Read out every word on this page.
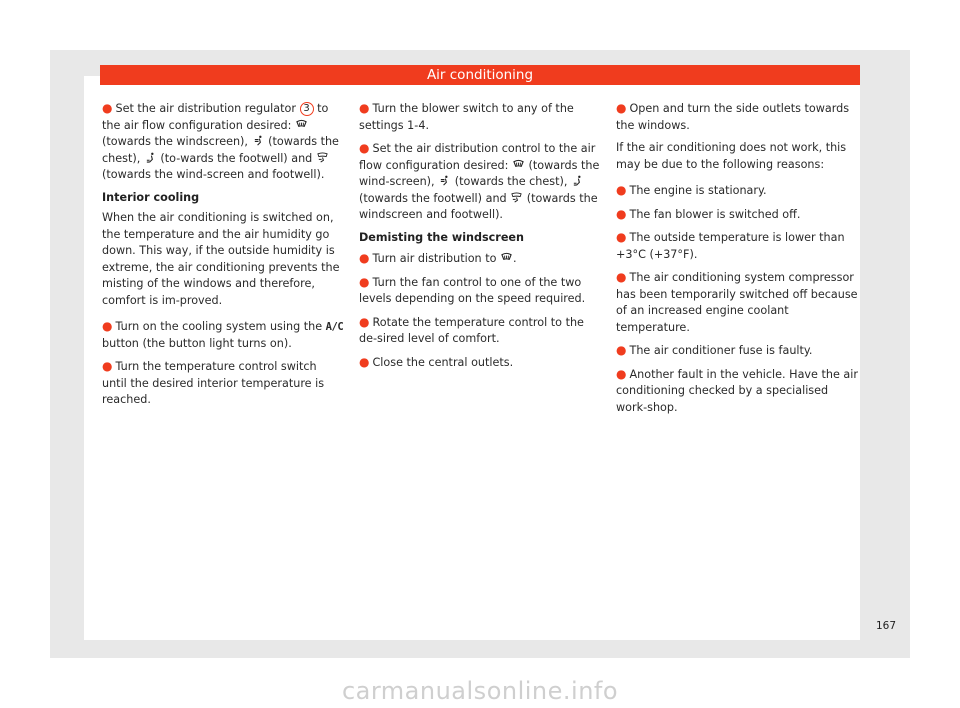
Air conditioning
● Set the air distribution regulator 3 to the air flow configuration desired:
(towards the windscreen), (towards the chest), (to-wards the footwell) and
(towards the wind-screen and footwell).
Interior cooling
When the air conditioning is switched on, the temperature and the air humidity go down. This way, if the outside humidity is extreme, the air conditioning prevents the misting of the windows and therefore, comfort is im-proved.
● Turn on the cooling system using the A/C button (the button light turns on).
● Turn the temperature control switch until the desired interior temperature is reached.
● Turn the blower switch to any of the settings 1-4.
● Set the air distribution control to the air flow configuration desired: (towards the wind-screen), (towards the chest),
(towards the footwell) and (towards the windscreen and footwell).
Demisting the windscreen
● Turn air distribution to .
● Turn the fan control to one of the two levels depending on the speed required.
● Rotate the temperature control to the de-sired level of comfort.
● Close the central outlets.
● Open and turn the side outlets towards the windows.
If the air conditioning does not work, this may be due to the following reasons:
● The engine is stationary.
● The fan blower is switched off.
● The outside temperature is lower than +3°C (+37°F).
● The air conditioning system compressor has been temporarily switched off because of an increased engine coolant temperature.
● The air conditioner fuse is faulty.
● Another fault in the vehicle. Have the air conditioning checked by a specialised work-shop.
167
carmanualsonline.info
